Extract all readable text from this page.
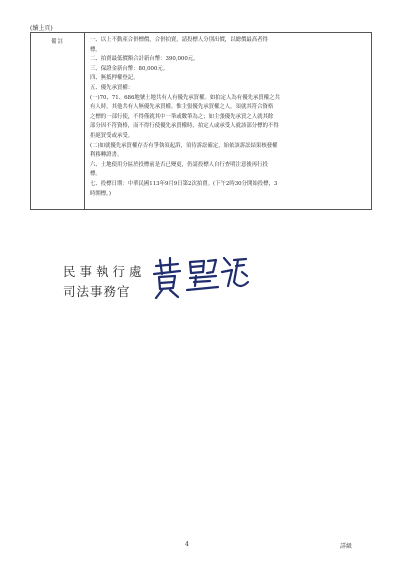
(續上頁)
備註	一、以上不動產合併標價，合併拍賣，請投標人分別出價，以總價最高者得
標。
二、拍賣最低價額合計新台幣：390,000元。
三、保證金新台幣：80,000元。
四、無抵押權登記。
五、優先承買權：
(一)70、71、686地號土地共有人有優先承買權。如拍定人為有優先承買權之共
有人時，其他共有人無優先承買權。惟主張優先承買權之人，須就其符合資格
之標的一部行使，不得僅就其中一筆或數筆為之；如主張優先承買之人就其餘
部分因不符資格，而不得行使優先承買權時，拍定人或承受人就該部分標的不得
拒絕買受或承受。
(二)如就優先承買權存否有爭執須起訴，須待訴訟確定，始依該訴訟結果核發權
利移轉證書。
六、土地使用分區於投標前是否已變更，仍請投標人自行查明注意後再行投
標。
七、投標日期：中華民國113年9月9日第2次拍賣。(下午2時30分開始投標，3
時開標。)
民事執行處
司法事務官
4	詳級
